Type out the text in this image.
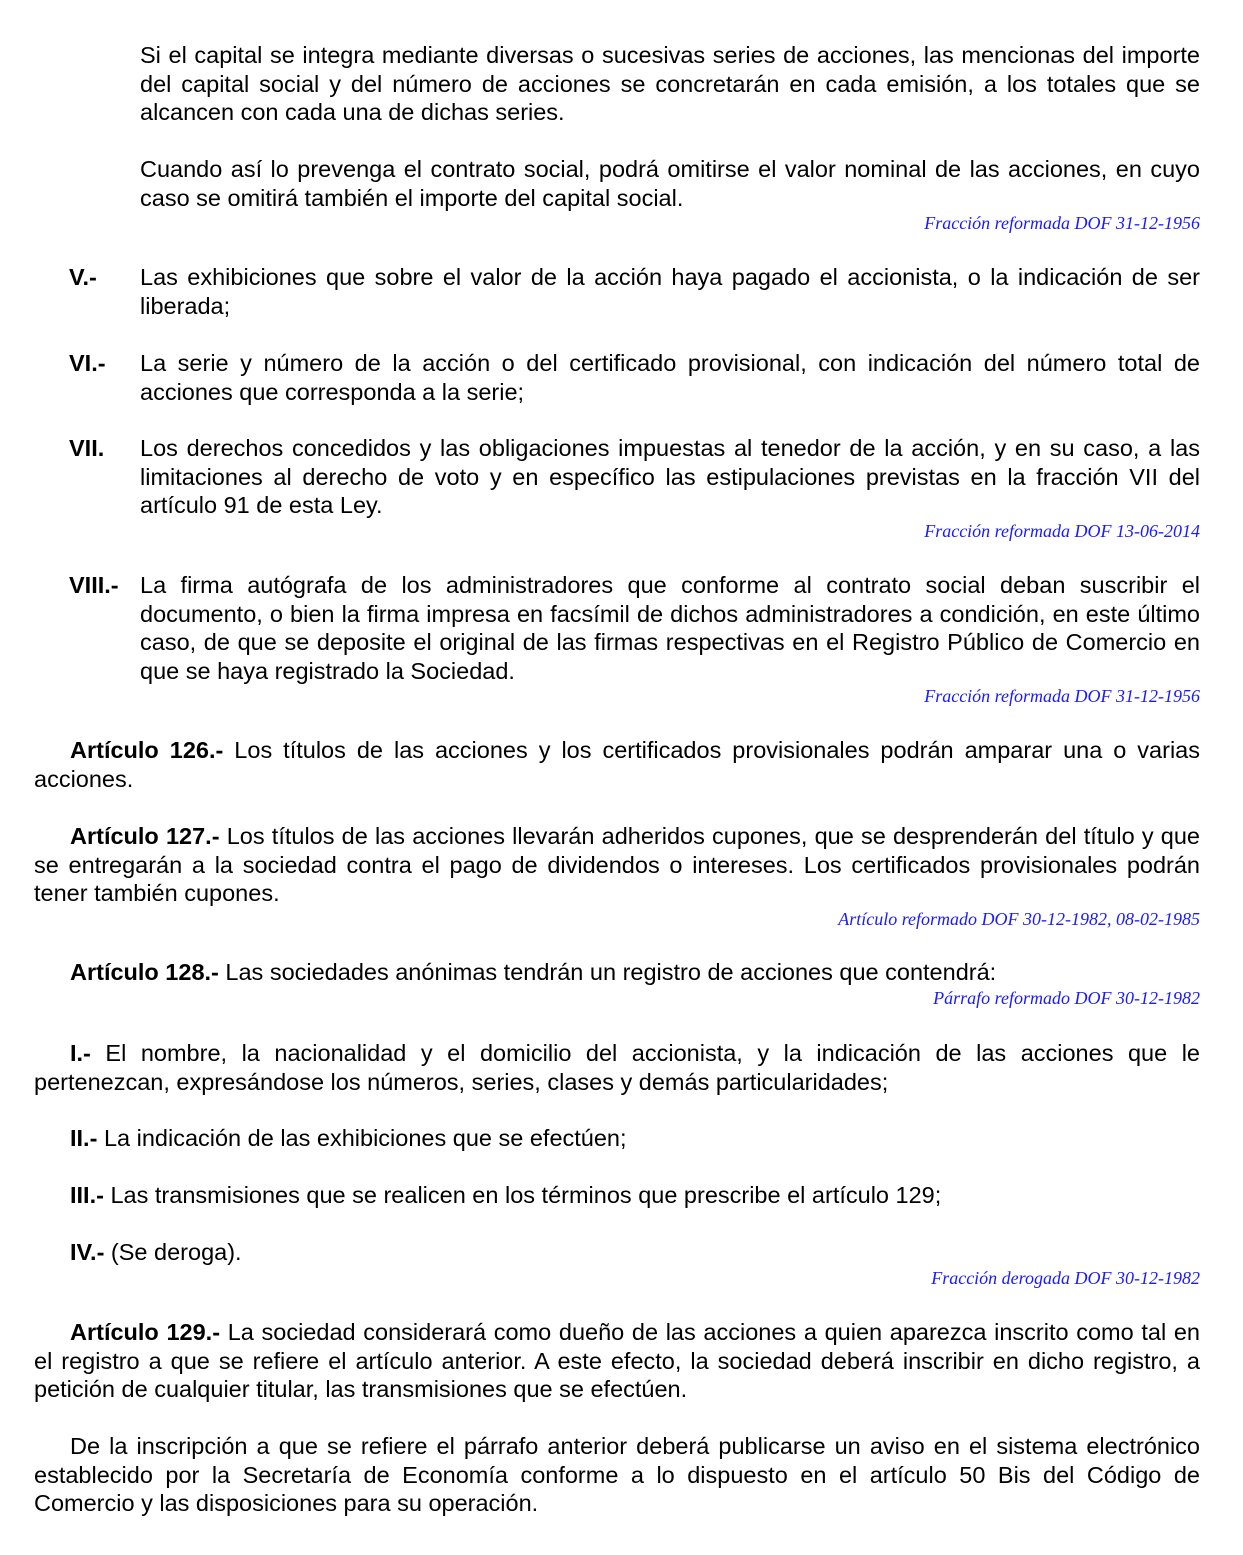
Si el capital se integra mediante diversas o sucesivas series de acciones, las mencionas del importe del capital social y del número de acciones se concretarán en cada emisión, a los totales que se alcancen con cada una de dichas series.

Cuando así lo prevenga el contrato social, podrá omitirse el valor nominal de las acciones, en cuyo caso se omitirá también el importe del capital social.

Fracción reformada DOF 31-12-1956
V.- Las exhibiciones que sobre el valor de la acción haya pagado el accionista, o la indicación de ser liberada;

VI.- La serie y número de la acción o del certificado provisional, con indicación del número total de acciones que corresponda a la serie;

VII. Los derechos concedidos y las obligaciones impuestas al tenedor de la acción, y en su caso, a las limitaciones al derecho de voto y en específico las estipulaciones previstas en la fracción VII del artículo 91 de esta Ley.

Fracción reformada DOF 13-06-2014
VIII.- La firma autógrafa de los administradores que conforme al contrato social deban suscribir el documento, o bien la firma impresa en facsímil de dichos administradores a condición, en este último caso, de que se deposite el original de las firmas respectivas en el Registro Público de Comercio en que se haya registrado la Sociedad.

Fracción reformada DOF 31-12-1956

Artículo 126.- Los títulos de las acciones y los certificados provisionales podrán amparar una o varias acciones.

Artículo 127.- Los títulos de las acciones llevarán adheridos cupones, que se desprenderán del título y que se entregarán a la sociedad contra el pago de dividendos o intereses. Los certificados provisionales podrán tener también cupones.

Artículo reformado DOF 30-12-1982, 08-02-1985

Artículo 128.- Las sociedades anónimas tendrán un registro de acciones que contendrá:

Párrafo reformado DOF 30-12-1982

I.- El nombre, la nacionalidad y el domicilio del accionista, y la indicación de las acciones que le pertenezcan, expresándose los números, series, clases y demás particularidades;

II.- La indicación de las exhibiciones que se efectúen;

III.- Las transmisiones que se realicen en los términos que prescribe el artículo 129;

IV.- (Se deroga).

Fracción derogada DOF 30-12-1982

Artículo 129.- La sociedad considerará como dueño de las acciones a quien aparezca inscrito como tal en el registro a que se refiere el artículo anterior. A este efecto, la sociedad deberá inscribir en dicho registro, a petición de cualquier titular, las transmisiones que se efectúen.

De la inscripción a que se refiere el párrafo anterior deberá publicarse un aviso en el sistema electrónico establecido por la Secretaría de Economía conforme a lo dispuesto en el artículo 50 Bis del Código de Comercio y las disposiciones para su operación.
